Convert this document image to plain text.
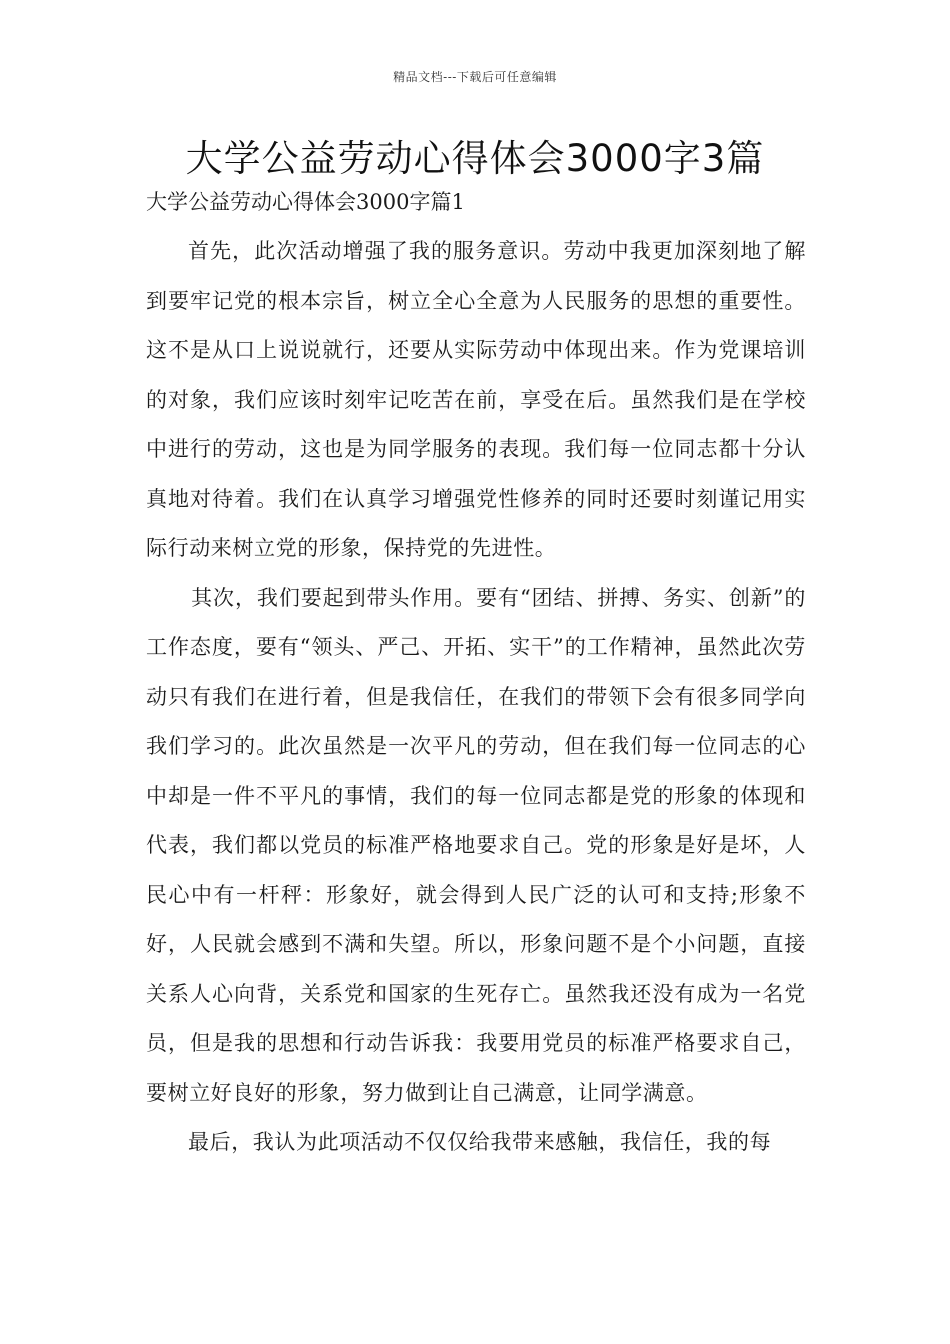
精品文档---下载后可任意编辑
大学公益劳动心得体会3000字3篇

大学公益劳动心得体会3000字篇1

首先，此次活动增强了我的服务意识。劳动中我更加深刻地了解到要牢记党的根本宗旨，树立全心全意为人民服务的思想的重要性。这不是从口上说说就行，还要从实际劳动中体现出来。作为党课培训的对象，我们应该时刻牢记吃苦在前，享受在后。虽然我们是在学校中进行的劳动，这也是为同学服务的表现。我们每一位同志都十分认真地对待着。我们在认真学习增强党性修养的同时还要时刻谨记用实际行动来树立党的形象，保持党的先进性。

其次，我们要起到带头作用。要有“团结、拼搏、务实、创新”的工作态度，要有“领头、严己、开拓、实干”的工作精神，虽然此次劳动只有我们在进行着，但是我信任，在我们的带领下会有很多同学向我们学习的。此次虽然是一次平凡的劳动，但在我们每一位同志的心中却是一件不平凡的事情，我们的每一位同志都是党的形象的体现和代表，我们都以党员的标准严格地要求自己。党的形象是好是坏，人民心中有一杆秤：形象好，就会得到人民广泛的认可和支持;形象不好，人民就会感到不满和失望。所以，形象问题不是个小问题，直接关系人心向背，关系党和国家的生死存亡。虽然我还没有成为一名党员，但是我的思想和行动告诉我：我要用党员的标准严格要求自己，要树立好良好的形象，努力做到让自己满意，让同学满意。

最后，我认为此项活动不仅仅给我带来感触，我信任，我的每
